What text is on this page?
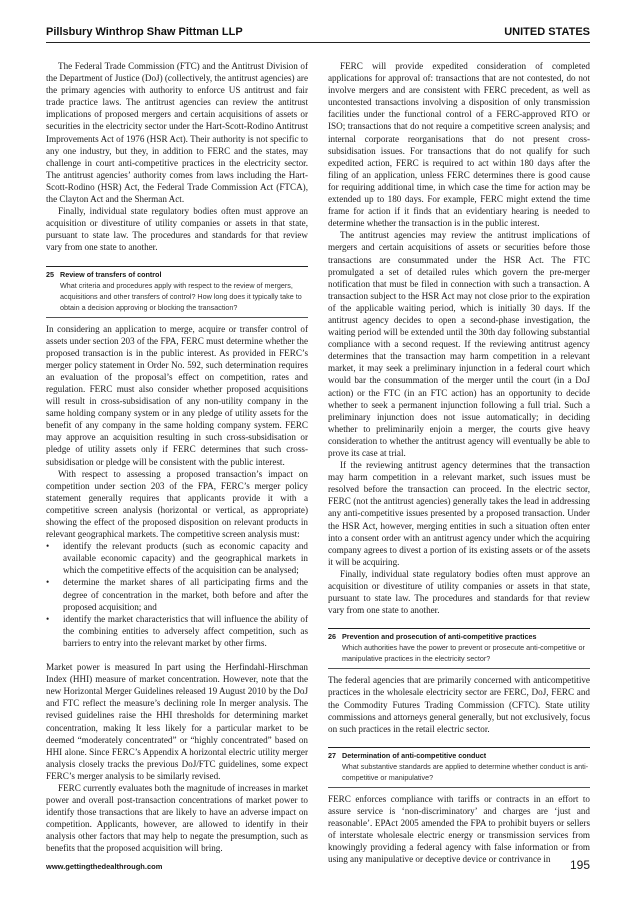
Pillsbury Winthrop Shaw Pittman LLP	UNITED STATES

The Federal Trade Commission (FTC) and the Antitrust Division of the Department of Justice (DoJ) (collectively, the antitrust agencies) are the primary agencies with authority to enforce US antitrust and fair trade practice laws. The antitrust agencies can review the antitrust implications of proposed mergers and certain acquisitions of assets or securities in the electricity sector under the Hart-Scott-Rodino Antitrust Improvements Act of 1976 (HSR Act). Their authority is not specific to any one industry, but they, in addition to FERC and the states, may challenge in court anti-competitive practices in the electricity sector. The antitrust agencies’ authority comes from laws including the Hart-Scott-Rodino (HSR) Act, the Federal Trade Commission Act (FTCA), the Clayton Act and the Sherman Act.

Finally, individual state regulatory bodies often must approve an acquisition or divestiture of utility companies or assets in that state, pursuant to state law. The procedures and standards for that review vary from one state to another.

25 Review of transfers of control
What criteria and procedures apply with respect to the review of mergers, acquisitions and other transfers of control? How long does it typically take to obtain a decision approving or blocking the transaction?

In considering an application to merge, acquire or transfer control of assets under section 203 of the FPA, FERC must determine whether the proposed transaction is in the public interest. As provided in FERC’s merger policy statement in Order No. 592, such determination requires an evaluation of the proposal’s effect on competition, rates and regulation. FERC must also consider whether proposed acquisitions will result in cross-subsidisation of any non-utility company in the same holding company system or in any pledge of utility assets for the benefit of any company in the same holding company system. FERC may approve an acquisition resulting in such cross-subsidisation or pledge of utility assets only if FERC determines that such cross-subsidisation or pledge will be consistent with the public interest.

With respect to assessing a proposed transaction’s impact on competition under section 203 of the FPA, FERC’s merger policy statement generally requires that applicants provide it with a competitive screen analysis (horizontal or vertical, as appropriate) showing the effect of the proposed disposition on relevant products in relevant geographical markets. The competitive screen analysis must:

• identify the relevant products (such as economic capacity and available economic capacity) and the geographical markets in which the competitive effects of the acquisition can be analysed;
• determine the market shares of all participating firms and the degree of concentration in the market, both before and after the proposed acquisition; and
• identify the market characteristics that will influence the ability of the combining entities to adversely affect competition, such as barriers to entry into the relevant market by other firms.

Market power is measured In part using the Herfindahl-Hirschman Index (HHI) measure of market concentration. However, note that the new Horizontal Merger Guidelines released 19 August 2010 by the DoJ and FTC reflect the measure’s declining role In merger analysis. The revised guidelines raise the HHI thresholds for determining market concentration, making It less likely for a particular market to be deemed “moderately concentrated” or “highly concentrated” based on HHI alone. Since FERC’s Appendix A horizontal electric utility merger analysis closely tracks the previous DoJ/FTC guidelines, some expect FERC’s merger analysis to be similarly revised.

FERC currently evaluates both the magnitude of increases in market power and overall post-transaction concentrations of market power to identify those transactions that are likely to have an adverse impact on competition. Applicants, however, are allowed to identify in their analysis other factors that may help to negate the presumption, such as benefits that the proposed acquisition will bring.

FERC will provide expedited consideration of completed applications for approval of: transactions that are not contested, do not involve mergers and are consistent with FERC precedent, as well as uncontested transactions involving a disposition of only transmission facilities under the functional control of a FERC-approved RTO or ISO; transactions that do not require a competitive screen analysis; and internal corporate reorganisations that do not present cross-subsidisation issues. For transactions that do not qualify for such expedited action, FERC is required to act within 180 days after the filing of an application, unless FERC determines there is good cause for requiring additional time, in which case the time for action may be extended up to 180 days. For example, FERC might extend the time frame for action if it finds that an evidentiary hearing is needed to determine whether the transaction is in the public interest.

The antitrust agencies may review the antitrust implications of mergers and certain acquisitions of assets or securities before those transactions are consummated under the HSR Act. The FTC promulgated a set of detailed rules which govern the pre-merger notification that must be filed in connection with such a transaction. A transaction subject to the HSR Act may not close prior to the expiration of the applicable waiting period, which is initially 30 days. If the antitrust agency decides to open a second-phase investigation, the waiting period will be extended until the 30th day following substantial compliance with a second request. If the reviewing antitrust agency determines that the transaction may harm competition in a relevant market, it may seek a preliminary injunction in a federal court which would bar the consummation of the merger until the court (in a DoJ action) or the FTC (in an FTC action) has an opportunity to decide whether to seek a permanent injunction following a full trial. Such a preliminary injunction does not issue automatically; in deciding whether to preliminarily enjoin a merger, the courts give heavy consideration to whether the antitrust agency will eventually be able to prove its case at trial.

If the reviewing antitrust agency determines that the transaction may harm competition in a relevant market, such issues must be resolved before the transaction can proceed. In the electric sector, FERC (not the antitrust agencies) generally takes the lead in addressing any anti-competitive issues presented by a proposed transaction. Under the HSR Act, however, merging entities in such a situation often enter into a consent order with an antitrust agency under which the acquiring company agrees to divest a portion of its existing assets or of the assets it will be acquiring.

Finally, individual state regulatory bodies often must approve an acquisition or divestiture of utility companies or assets in that state, pursuant to state law. The procedures and standards for that review vary from one state to another.

26 Prevention and prosecution of anti-competitive practices
Which authorities have the power to prevent or prosecute anti-competitive or manipulative practices in the electricity sector?

The federal agencies that are primarily concerned with anticompetitive practices in the wholesale electricity sector are FERC, DoJ, FERC and the Commodity Futures Trading Commission (CFTC). State utility commissions and attorneys general generally, but not exclusively, focus on such practices in the retail electric sector.

27 Determination of anti-competitive conduct
What substantive standards are applied to determine whether conduct is anti-competitive or manipulative?

FERC enforces compliance with tariffs or contracts in an effort to assure service is ‘non-discriminatory’ and charges are ‘just and reasonable’. EPAct 2005 amended the FPA to prohibit buyers or sellers of interstate wholesale electric energy or transmission services from knowingly providing a federal agency with false information or from using any manipulative or deceptive device or contrivance in

www.gettingthedealthrough.com	195
